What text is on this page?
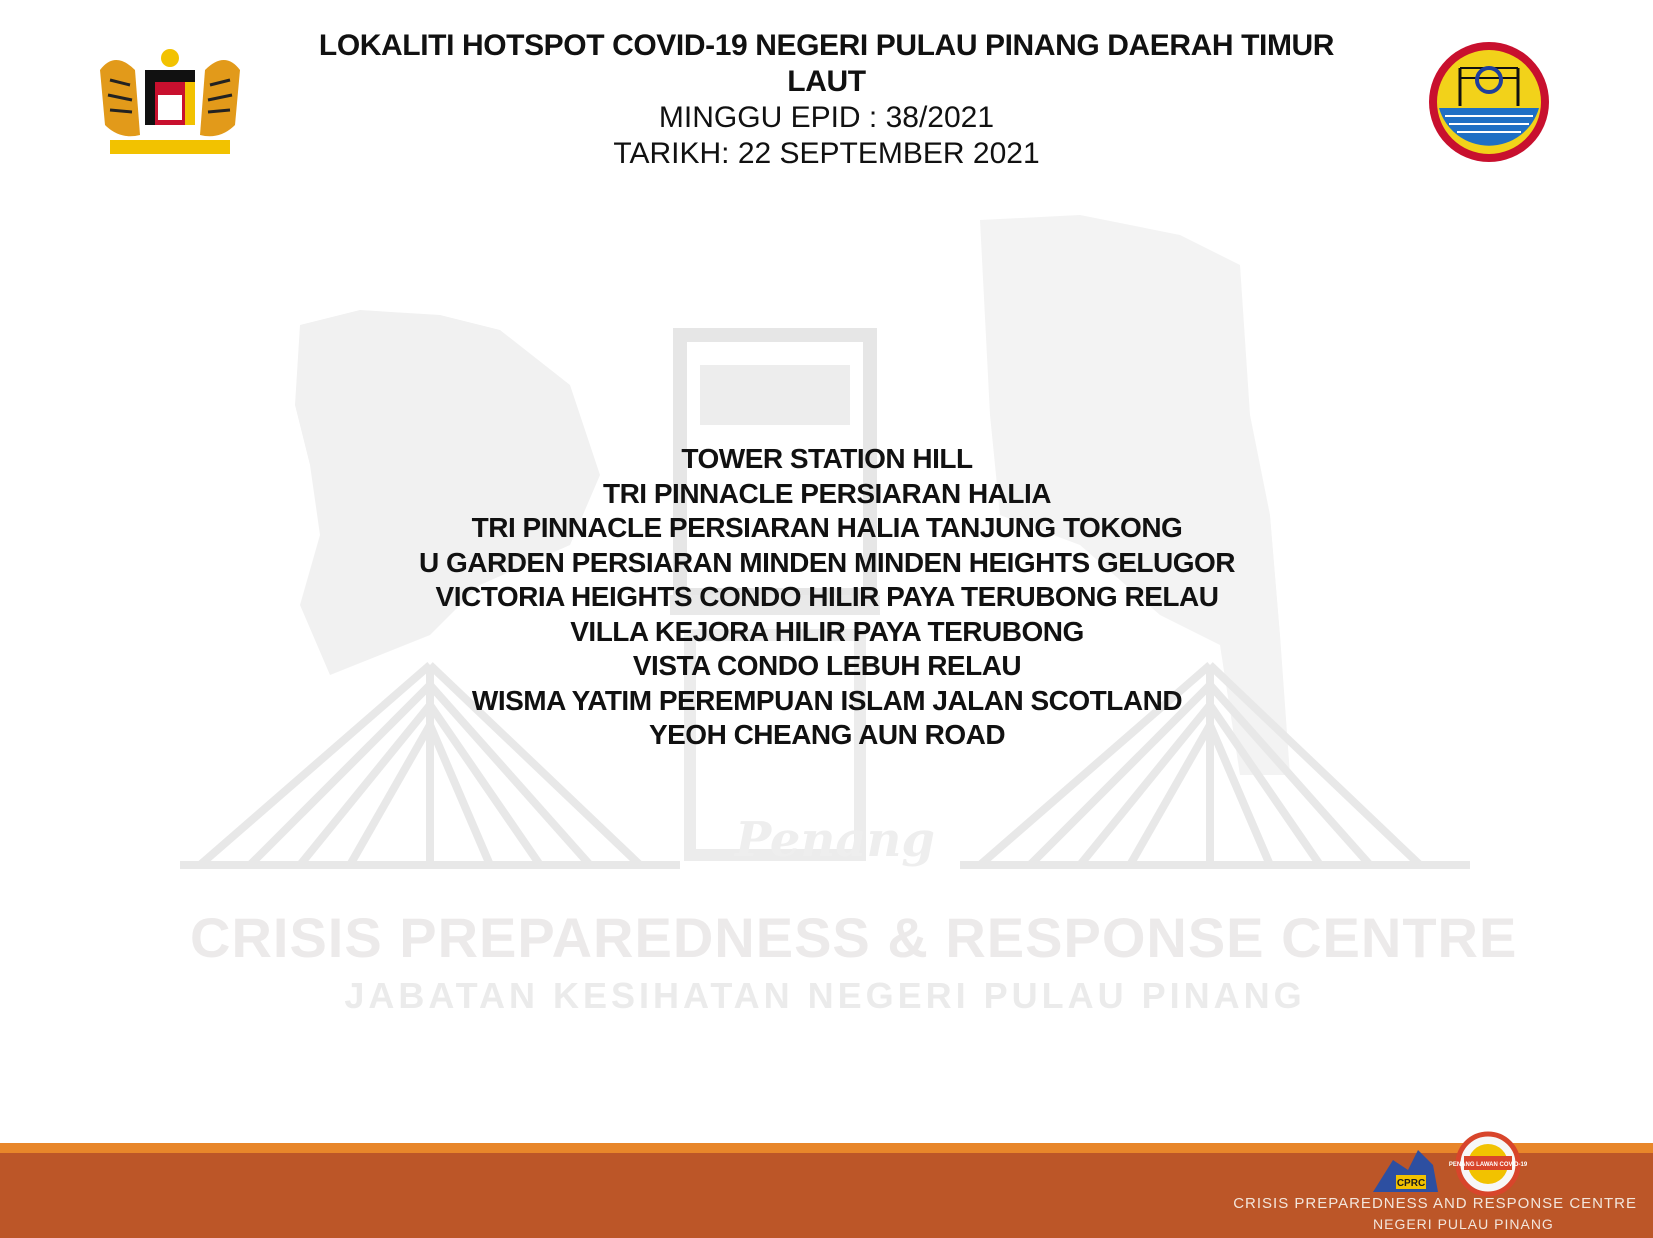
Penang
CRISIS PREPAREDNESS & RESPONSE CENTRE
JABATAN KESIHATAN NEGERI PULAU PINANG
LOKALITI HOTSPOT COVID-19 NEGERI PULAU PINANG DAERAH TIMUR LAUT
MINGGU EPID : 38/2021
TARIKH: 22 SEPTEMBER 2021
TOWER STATION HILL
TRI PINNACLE PERSIARAN HALIA
TRI PINNACLE PERSIARAN HALIA TANJUNG TOKONG
U GARDEN PERSIARAN MINDEN MINDEN HEIGHTS GELUGOR
VICTORIA HEIGHTS CONDO HILIR PAYA TERUBONG RELAU
VILLA KEJORA HILIR PAYA TERUBONG
VISTA CONDO LEBUH RELAU
WISMA YATIM PEREMPUAN ISLAM JALAN SCOTLAND
YEOH CHEANG AUN ROAD
CPRC
PENANG LAWAN COVID-19
CRISIS PREPAREDNESS AND RESPONSE CENTRE
NEGERI PULAU PINANG
